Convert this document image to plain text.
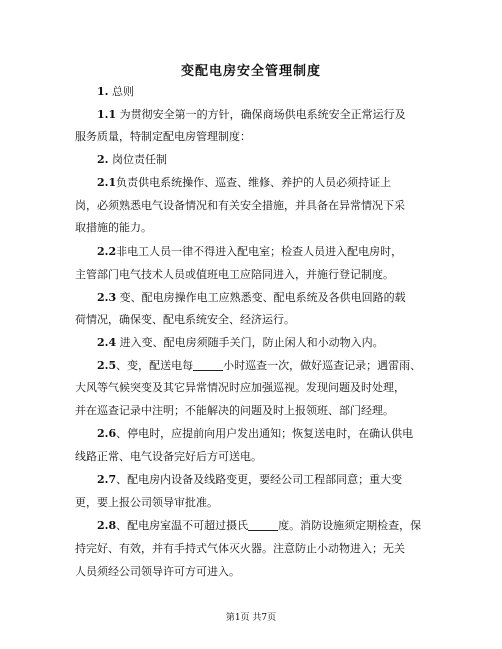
变配电房安全管理制度
1. 总则
1.1 为贯彻安全第一的方针，确保商场供电系统安全正常运行及
服务质量，特制定配电房管理制度：
2. 岗位责任制
2.1负责供电系统操作、巡查、维修、养护的人员必须持证上
岗，必须熟悉电气设备情况和有关安全措施，并具备在异常情况下采
取措施的能力。
2.2非电工人员一律不得进入配电室；检查人员进入配电房时，
主管部门电气技术人员或值班电工应陪同进入，并施行登记制度。
2.3 变、配电房操作电工应熟悉变、配电系统及各供电回路的载
荷情况，确保变、配电系统安全、经济运行。
2.4 进入变、配电房须随手关门，防止闲人和小动物入内。
2.5、变，配送电每	小时巡查一次，做好巡查记录；遇雷雨、
大风等气候突变及其它异常情况时应加强巡视。发现问题及时处理，
并在巡查记录中注明；不能解决的问题及时上报领班、部门经理。
2.6、停电时，应提前向用户发出通知；恢复送电时，在确认供电
线路正常、电气设备完好后方可送电。
2.7、配电房内设备及线路变更，要经公司工程部同意；重大变
更，要上报公司领导审批准。
2.8、配电房室温不可超过摄氏	度。消防设施须定期检查，保
持完好、有效，并有手持式气体灭火器。注意防止小动物进入；无关
人员须经公司领导许可方可进入。
第1页 共7页
